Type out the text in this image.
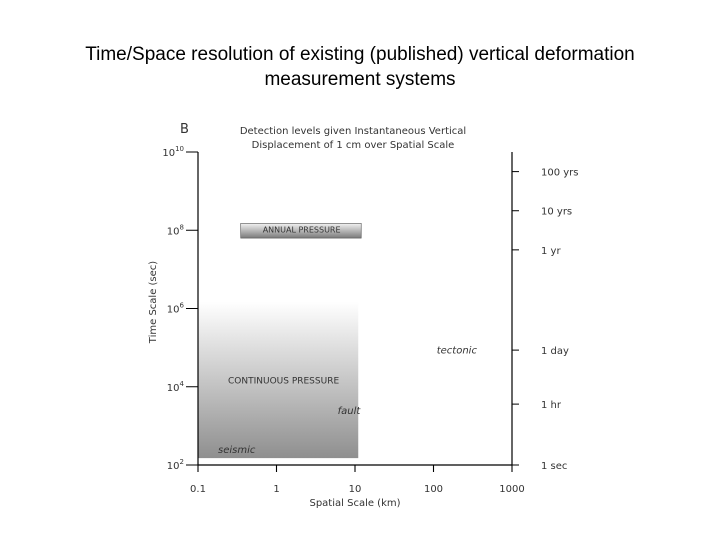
Time/Space resolution of existing (published) vertical deformation measurement systems
ANNUAL PRESSURE
CONTINUOUS PRESSURE
0.1	1	10	100	1000
$10^2$
$10^4$
$10^6$
$10^8$
$10^{10}$
1 sec
1 hr
1 day
1 yr
10 yrs
100 yrs
B	Detection levels given Instantaneous Vertical
Displacement of 1 cm over Spatial Scale
Spatial Scale (km)
Time Scale (sec)
fault
seismic
tectonic
